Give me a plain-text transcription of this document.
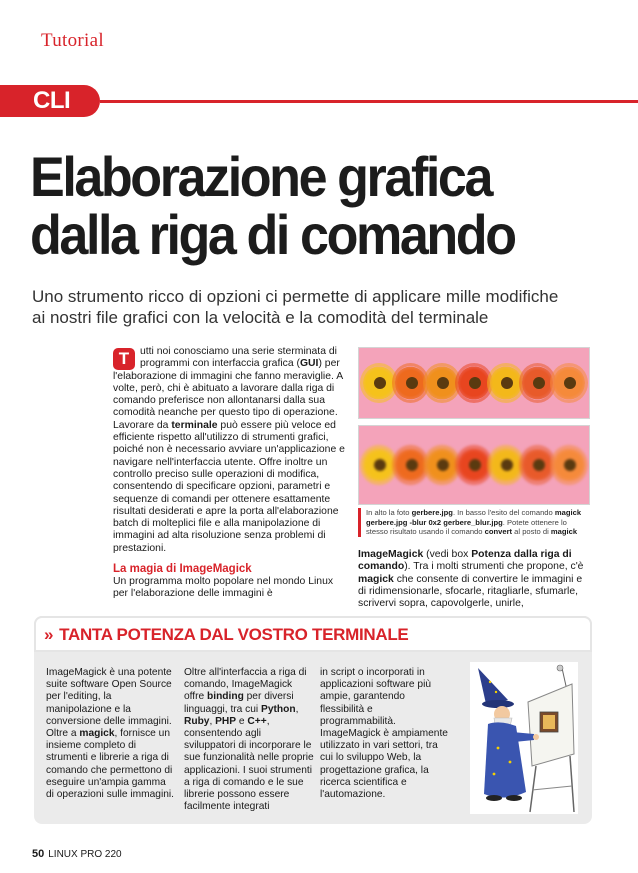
Tutorial
CLI
Elaborazione grafica
dalla riga di comando

Uno strumento ricco di opzioni ci permette di applicare mille modifiche
ai nostri file grafici con la velocità e la comodità del terminale

T	utti noi conosciamo una serie sterminata di programmi con interfaccia grafica (GUI) per l'elaborazione di immagini che fanno meraviglie. A volte, però, chi è abituato a lavorare dalla riga di comando preferisce non allontanarsi dalla sua comodità neanche per questo tipo di operazione. Lavorare da terminale può essere più veloce ed efficiente rispetto all'utilizzo di strumenti grafici, poiché non è necessario avviare un'applicazione e navigare nell'interfaccia utente. Offre inoltre un controllo preciso sulle operazioni di modifica, consentendo di specificare opzioni, parametri e sequenze di comandi per ottenere esattamente risultati desiderati e apre la porta all'elaborazione batch di molteplici file e alla manipolazione di immagini ad alta risoluzione senza problemi di prestazioni.
La magia di ImageMagick
Un programma molto popolare nel mondo Linux per l'elaborazione delle immagini è
In alto la foto gerbere.jpg. In basso l'esito del comando magick gerbere.jpg -blur 0x2 gerbere_blur.jpg. Potete ottenere lo stesso risultato usando il comando convert al posto di magick
ImageMagick (vedi box Potenza dalla riga di comando). Tra i molti strumenti che propone, c'è magick che consente di convertire le immagini e di ridimensionarle, sfocarle, ritagliarle, sfumarle, scrivervi sopra, capovolgerle, unirle,
» TANTA POTENZA DAL VOSTRO TERMINALE
ImageMagick è una potente suite software Open Source per l'editing, la manipolazione e la conversione delle immagini. Oltre a magick, fornisce un insieme completo di strumenti e librerie a riga di comando che permettono di eseguire un'ampia gamma di operazioni sulle immagini.
Oltre all'interfaccia a riga di comando, ImageMagick offre binding per diversi linguaggi, tra cui Python, Ruby, PHP e C++, consentendo agli sviluppatori di incorporare le sue funzionalità nelle proprie applicazioni. I suoi strumenti a riga di comando e le sue librerie possono essere facilmente integrati
in script o incorporati in applicazioni software più ampie, garantendo flessibilità e programmabilità. ImageMagick è ampiamente utilizzato in vari settori, tra cui lo sviluppo Web, la progettazione grafica, la ricerca scientifica e l'automazione.
50 LINUX PRO 220
